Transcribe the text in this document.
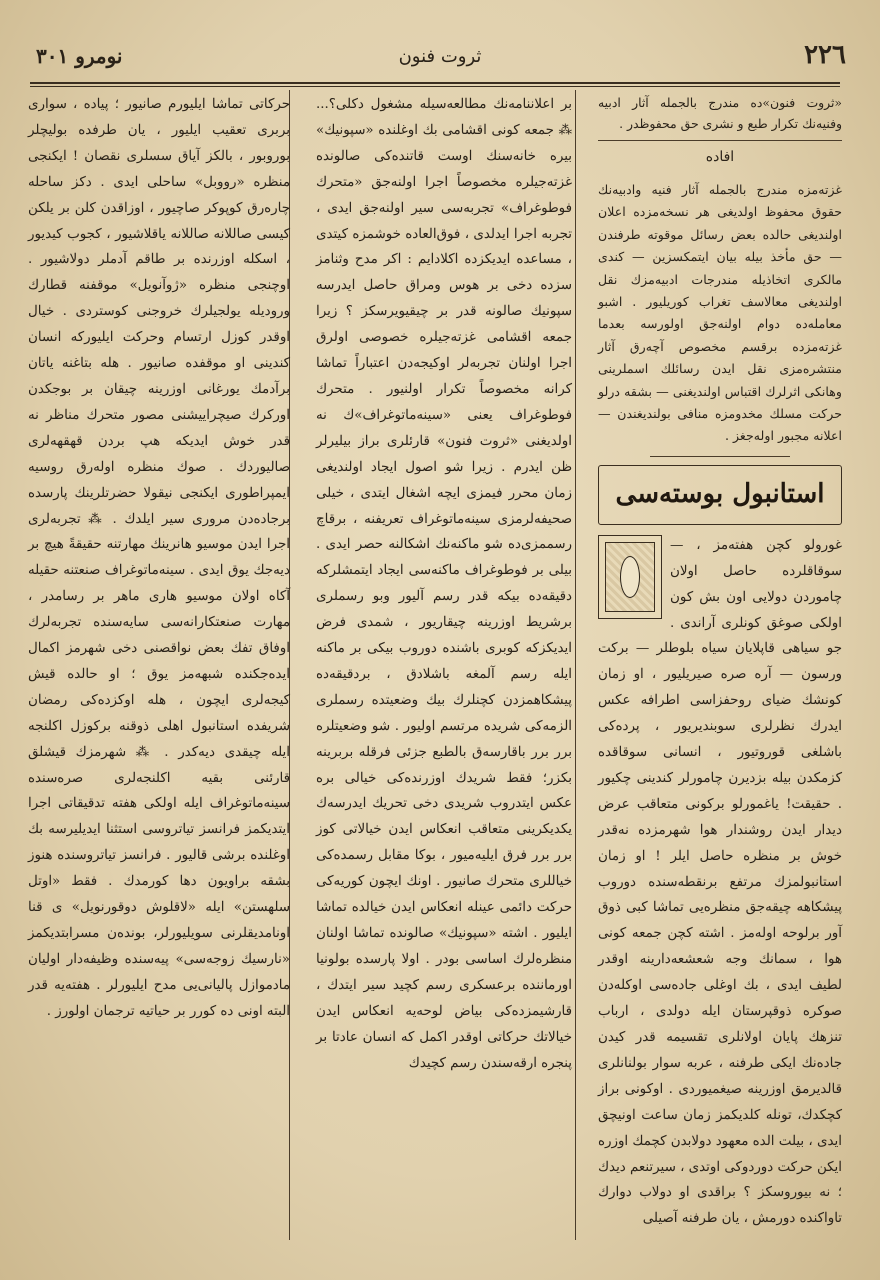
٢٢٦
ثروت فنون
نومرو ٣٠١

«ثروت فنون»ده مندرج بالجمله آثار ادبیه وفنیه‌نك تكرار طبع و نشری حق محفوظدر .

افاده

غزته‌مزه مندرج بالجمله آثار فنیه وادبیه‌نك حقوق محفوظ اولدیغی هر نسخه‌مزده اعلان اولندیغی حالده بعض رسائل موقوته طرفندن — حق مأخذ بیله بیان ایتمكسزین — كندی مالكری اتخاذیله مندرجات ادبیه‌مزك نقل اولندیغی معالاسف تغراب كوریلیور . اشبو معامله‌ده دوام اولنه‌جق اولورسه بعدما غزته‌مزده برقسم مخصوص آچه‌رق آثار منتشره‌مزی نقل ایدن رسائلك اسملرینی وهانكی اثرلرك اقتباس اولندیغنی — بشقه درلو حركت مسلك مخدومزه منافی بولندیغندن — اعلانه مجبور اوله‌جغز .

استانبول بوسته‌سی

غورولو كچن هفته‌مز ، — سوقاقلرده حاصل اولان چاموردن دولایی اون بش كون اولكی صوغق كونلری آراندی . جو سیاهی قاپلایان سیاه بلوطلر — بركت ورسون — آره صره صیریلیور ، او زمان كونشك ضیای روحفزاسی اطرافه عكس ایدرك نظرلری سوبندیریور ، پرده‌كی باشلغی قوروتیور ، انسانی سوقاقده كزمكدن بیله بزدیرن چامورلر كندینی چكیور . حقیقت! یاغمورلو بركونی متعاقب عرض دیدار ایدن روشندار هوا شهرمزده نه‌قدر خوش بر منظره حاصل ایلر ! او زمان استانبولمزك مرتفع برنقطه‌سنده دوروب پیشكاهه چیقه‌جق منظره‌یی تماشا كبی ذوق آور برلوحه اوله‌مز . اشته كچن جمعه كونی هوا ، سمانك وجه شعشعه‌دارینه اوقدر لطیف ایدی ، بك اوغلی جاده‌سی اوكله‌دن صوكره ذوقپرستان ایله دولدی ، ارباب تنزهك پایان اولانلری تقسیمه قدر كیدن جاده‌نك ایكی طرفنه ، عربه سوار بولنانلری قالدیرمق اوزرینه صیغمیوردی . اوكونی براز كچكدك، تونله كلدیكمز زمان ساعت اونیچق ایدی ، بیلت الده معهود دولابدن كچمك اوزره ایكن حركت دوردوكی اوتدی ، سیرتنعم دیدك ؛ نه بیوروسكز ؟ براقدی او دولاب دوارك تاواكنده دورمش ، یان طرفنه آصیلی

بر اعلاننامه‌نك مطالعه‌سیله مشغول دكلی؟... ⁂ جمعه كونی اقشامی بك اوغلنده «سپونیك» بیره خانه‌سنك اوست قاتنده‌كی صالونده غزته‌جیلره مخصوصاً اجرا اولنه‌جق «متحرك فوطوغراف» تجربه‌سی سیر اولنه‌جق ایدی ، تجربه اجرا ایدلدی ، فوق‌العاده خوشمزه كیتدی ، مساعده ایدیكزده اكلادایم : اكر مدح وثنامز سزده دخی بر هوس ومراق حاصل ایدرسه سپونیك صالونه قدر بر چیقیویرسكز ؟ زیرا جمعه اقشامی غزته‌جیلره خصوصی اولرق اجرا اولنان تجربه‌لر اوكیجه‌دن اعتباراً تماشا كرانه مخصوصاً تكرار اولنیور . متحرك فوطوغراف یعنی «سینه‌ماتوغراف»ك نه اولدیغنی «ثروت فنون» قارئلری براز بیلیرلر ظن ایدرم . زیرا شو اصول ایجاد اولندیغی زمان محرر فیمزی ایچه اشغال ایتدی ، خیلی صحیفه‌لرمزی سینه‌ماتوغراف تعریفنه ، برقاچ رسممزی‌ده شو ماكنه‌نك اشكالنه حصر ایدی . بیلی بر فوطوغراف ماكنه‌سی ایجاد ایتمشلركه دقیقه‌ده بیكه قدر رسم آلیور وبو رسملری برشریط اوزرینه چیقاریور ، شمدی فرض ایدیكزكه كوبری باشنده دوروب بیكی بر ماكنه ایله رسم آلمغه باشلادق ، بردقیقه‌ده پیشكاهمزدن كچنلرك بیك وضعیتده رسملری الزمه‌كی شریده مرتسم اولیور . شو وضعیتلره برر برر باقارسه‌ق بالطبع جزئی فرقله بربرینه بكزر؛ فقط شریدك اوزرنده‌كی خیالی بره عكس ایتدروب شریدی دخی تحریك ایدرسه‌ك یكدیكرینی متعاقب انعكاس ایدن خیالاتی كوز برر برر فرق ایلیه‌میور ، بوكا مقابل رسمده‌كی خیاللری متحرك صانیور . اونك ایچون كوریه‌كی حركت دائمی عینله انعكاس ایدن خیالده تماشا ایلیور . اشته «سپونیك» صالونده تماشا اولنان منظره‌لرك اساسی بودر . اولا پارسده بولونیا اورماننده برعسكری رسم كچید سیر ایتدك ، قارشیمزده‌كی بیاض لوحه‌یه انعكاس ایدن خیالاتك حركاتی اوقدر اكمل كه انسان عادتا بر پنجره ارقه‌سندن رسم كچیدك

حركاتی تماشا ایلیورم صانیور ؛ پیاده ، سواری بربری تعقیب ایلیور ، یان طرفده بولیچلر بوروبور ، بالكز آیاق سسلری نقصان ! ایكنجی منظره «رووبل» ساحلی ایدی . دكز ساحله چاره‌رق كوپوكر صاچیور ، اوزاقدن كلن بر یلكن كیسی صاللانه صاللانه یاقلاشیور ، كجوب كیدیور ، اسكله اوزرنده بر طاقم آدملر دولاشیور . اوچنجی منظره «ژوآنویل» موقفنه قطارك ورودیله یولجیلرك خروجنی كوستردی . خیال اوقدر كوزل ارتسام وحركت ایلیوركه انسان كندینی او موقفده صانیور . هله بتاغنه یاتان برآدمك یورغانی اوزرینه چیقان بر بوجكدن اوركرك صیچراییشنی مصور متحرك مناظر نه قدر خوش ایدیكه هپ بردن قهقهه‌لری صالیوردك . صوك منظره اوله‌رق روسیه ایمپراطوری ایكنجی نیقولا حضرتلرینك پارسده برجاده‌دن مروری سیر ایلدك . ⁂ تجربه‌لری اجرا ایدن موسیو هانرینك مهارتنه حقیقةً هیچ بر دیه‌جك یوق ایدی . سینه‌ماتوغراف صنعتنه حقیله آكاه اولان موسیو هاری ماهر بر رسامدر ، مهارت صنعتكارانه‌سی سایه‌سنده تجربه‌لرك اوفاق تفك بعض نواقصنی دخی شهرمز اكمال ایده‌جكنده شبهه‌مز یوق ؛ او حالده قیش كیجه‌لری ایچون ، هله اوكزده‌كی رمضان شریفده استانبول اهلی ذوقنه بركوزل اكلنجه ایله چیقدی دیه‌كدر . ⁂ شهرمزك قیشلق قارئنی بقیه اكلنجه‌لری صره‌سنده سینه‌ماتوغراف ایله اولكی هفته تدقیقاتی اجرا ایتدیكمز فرانسز تیاتروسی استثنا ایدیلیرسه بك اوغلنده برشی قالیور . فرانسز تیاتروسنده هنوز بشقه براویون دها كورمدك . فقط «اوتل سلهستن» ایله «لاقلوش دوقورنویل» ی قنا اونامدیقلرنی سویلیورلر، بونده‌ن مسرابتدیكمز «نارسیك زوجه‌سی» پیه‌سنده وظیفه‌دار اولیان مادموازل پالیانی‌یی مدح ایلیورلر . هفته‌یه قدر البته اونی ده كورر بر حیاتیه ترجمان اولورز .
